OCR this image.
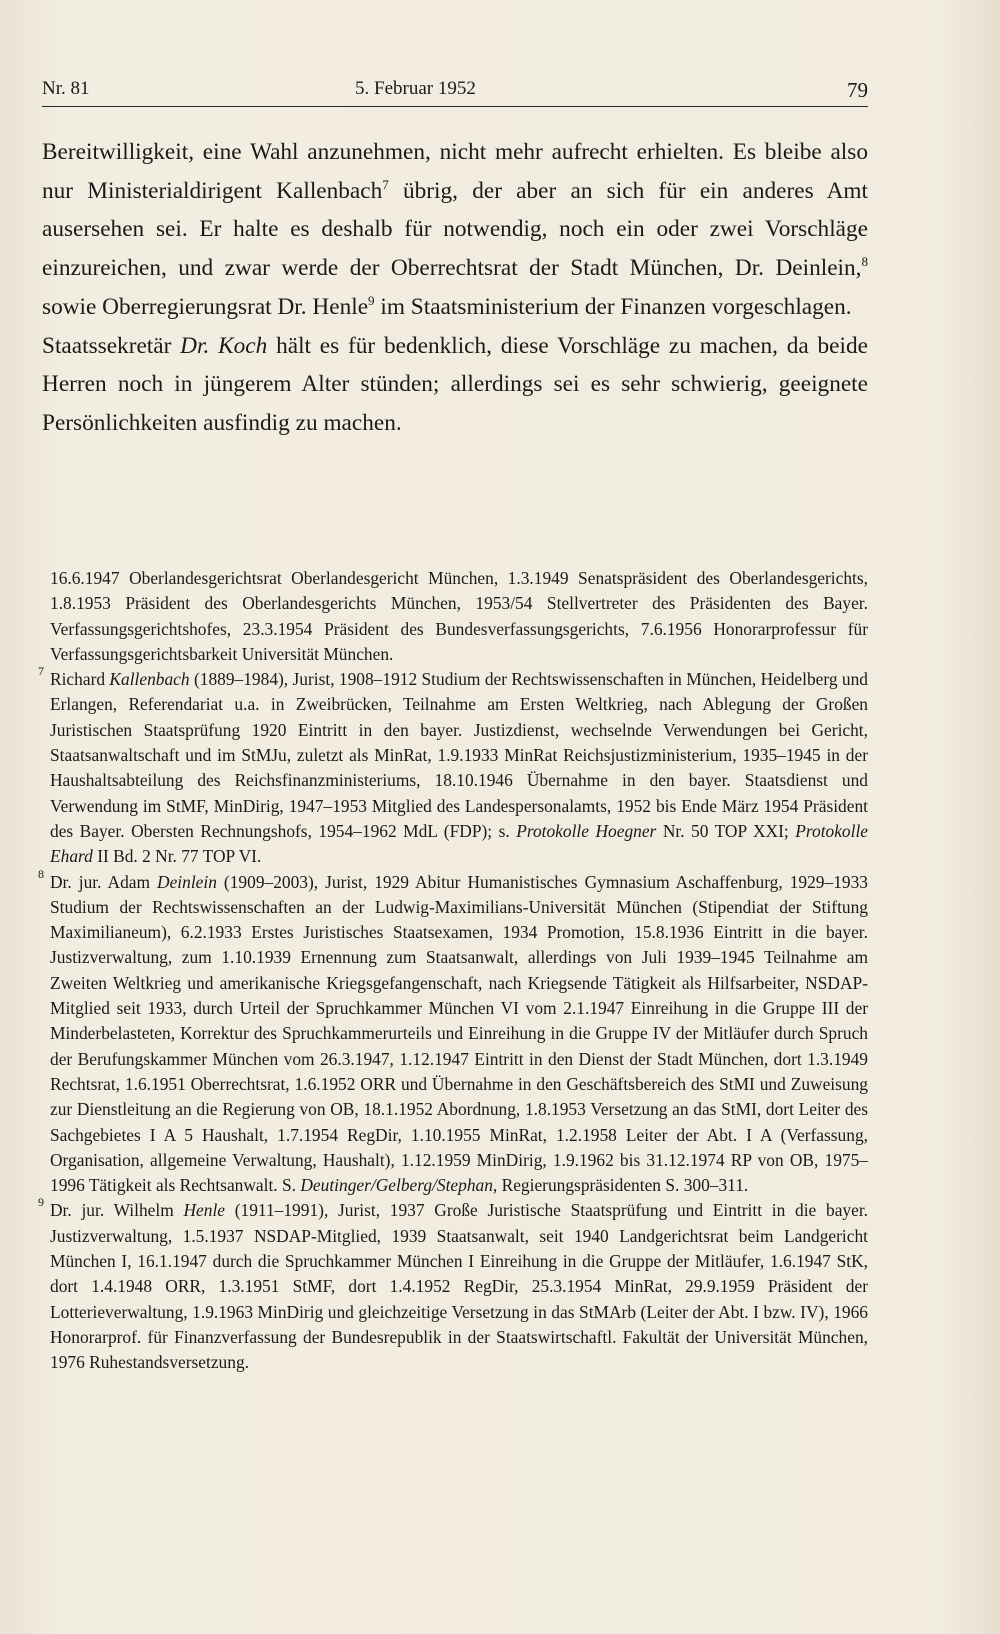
Nr. 81	5. Februar 1952	79

Bereitwilligkeit, eine Wahl anzunehmen, nicht mehr aufrecht erhielten. Es bleibe also nur Ministerialdirigent Kallenbach$^7$ übrig, der aber an sich für ein anderes Amt ausersehen sei. Er halte es deshalb für notwendig, noch ein oder zwei Vorschläge einzureichen, und zwar werde der Oberrechtsrat der Stadt München, Dr. Deinlein,$^8$ sowie Oberregierungsrat Dr. Henle$^9$ im Staatsministerium der Finanzen vorgeschlagen.

Staatssekretär Dr. Koch hält es für bedenklich, diese Vorschläge zu machen, da beide Herren noch in jüngerem Alter stünden; allerdings sei es sehr schwierig, geeignete Persönlichkeiten ausfindig zu machen.

16.6.1947 Oberlandesgerichtsrat Oberlandesgericht München, 1.3.1949 Senatspräsident des Oberlandesgerichts, 1.8.1953 Präsident des Oberlandesgerichts München, 1953/54 Stellvertreter des Präsidenten des Bayer. Verfassungsgerichtshofes, 23.3.1954 Präsident des Bundesverfassungsgerichts, 7.6.1956 Honorarprofessur für Verfassungsgerichtsbarkeit Universität München.

7 Richard Kallenbach (1889–1984), Jurist, 1908–1912 Studium der Rechtswissenschaften in München, Heidelberg und Erlangen, Referendariat u.a. in Zweibrücken, Teilnahme am Ersten Weltkrieg, nach Ablegung der Großen Juristischen Staatsprüfung 1920 Eintritt in den bayer. Justizdienst, wechselnde Verwendungen bei Gericht, Staatsanwaltschaft und im StMJu, zuletzt als MinRat, 1.9.1933 MinRat Reichsjustizministerium, 1935–1945 in der Haushaltsabteilung des Reichsfinanzministeriums, 18.10.1946 Übernahme in den bayer. Staatsdienst und Verwendung im StMF, MinDirig, 1947–1953 Mitglied des Landespersonalamts, 1952 bis Ende März 1954 Präsident des Bayer. Obersten Rechnungshofs, 1954–1962 MdL (FDP); s. Protokolle Hoegner Nr. 50 TOP XXI; Protokolle Ehard II Bd. 2 Nr. 77 TOP VI.

8 Dr. jur. Adam Deinlein (1909–2003), Jurist, 1929 Abitur Humanistisches Gymnasium Aschaffenburg, 1929–1933 Studium der Rechtswissenschaften an der Ludwig-Maximilians-Universität München (Stipendiat der Stiftung Maximilianeum), 6.2.1933 Erstes Juristisches Staatsexamen, 1934 Promotion, 15.8.1936 Eintritt in die bayer. Justizverwaltung, zum 1.10.1939 Ernennung zum Staatsanwalt, allerdings von Juli 1939–1945 Teilnahme am Zweiten Weltkrieg und amerikanische Kriegsgefangenschaft, nach Kriegsende Tätigkeit als Hilfsarbeiter, NSDAP-Mitglied seit 1933, durch Urteil der Spruchkammer München VI vom 2.1.1947 Einreihung in die Gruppe III der Minderbelasteten, Korrektur des Spruchkammerurteils und Einreihung in die Gruppe IV der Mitläufer durch Spruch der Berufungskammer München vom 26.3.1947, 1.12.1947 Eintritt in den Dienst der Stadt München, dort 1.3.1949 Rechtsrat, 1.6.1951 Oberrechtsrat, 1.6.1952 ORR und Übernahme in den Geschäftsbereich des StMI und Zuweisung zur Dienstleitung an die Regierung von OB, 18.1.1952 Abordnung, 1.8.1953 Versetzung an das StMI, dort Leiter des Sachgebietes I A 5 Haushalt, 1.7.1954 RegDir, 1.10.1955 MinRat, 1.2.1958 Leiter der Abt. I A (Verfassung, Organisation, allgemeine Verwaltung, Haushalt), 1.12.1959 MinDirig, 1.9.1962 bis 31.12.1974 RP von OB, 1975–1996 Tätigkeit als Rechtsanwalt. S. Deutinger/Gelberg/Stephan, Regierungspräsidenten S. 300–311.

9 Dr. jur. Wilhelm Henle (1911–1991), Jurist, 1937 Große Juristische Staatsprüfung und Eintritt in die bayer. Justizverwaltung, 1.5.1937 NSDAP-Mitglied, 1939 Staatsanwalt, seit 1940 Landgerichtsrat beim Landgericht München I, 16.1.1947 durch die Spruchkammer München I Einreihung in die Gruppe der Mitläufer, 1.6.1947 StK, dort 1.4.1948 ORR, 1.3.1951 StMF, dort 1.4.1952 RegDir, 25.3.1954 MinRat, 29.9.1959 Präsident der Lotterieverwaltung, 1.9.1963 MinDirig und gleichzeitige Versetzung in das StMArb (Leiter der Abt. I bzw. IV), 1966 Honorarprof. für Finanzverfassung der Bundesrepublik in der Staatswirtschaftl. Fakultät der Universität München, 1976 Ruhestandsversetzung.
